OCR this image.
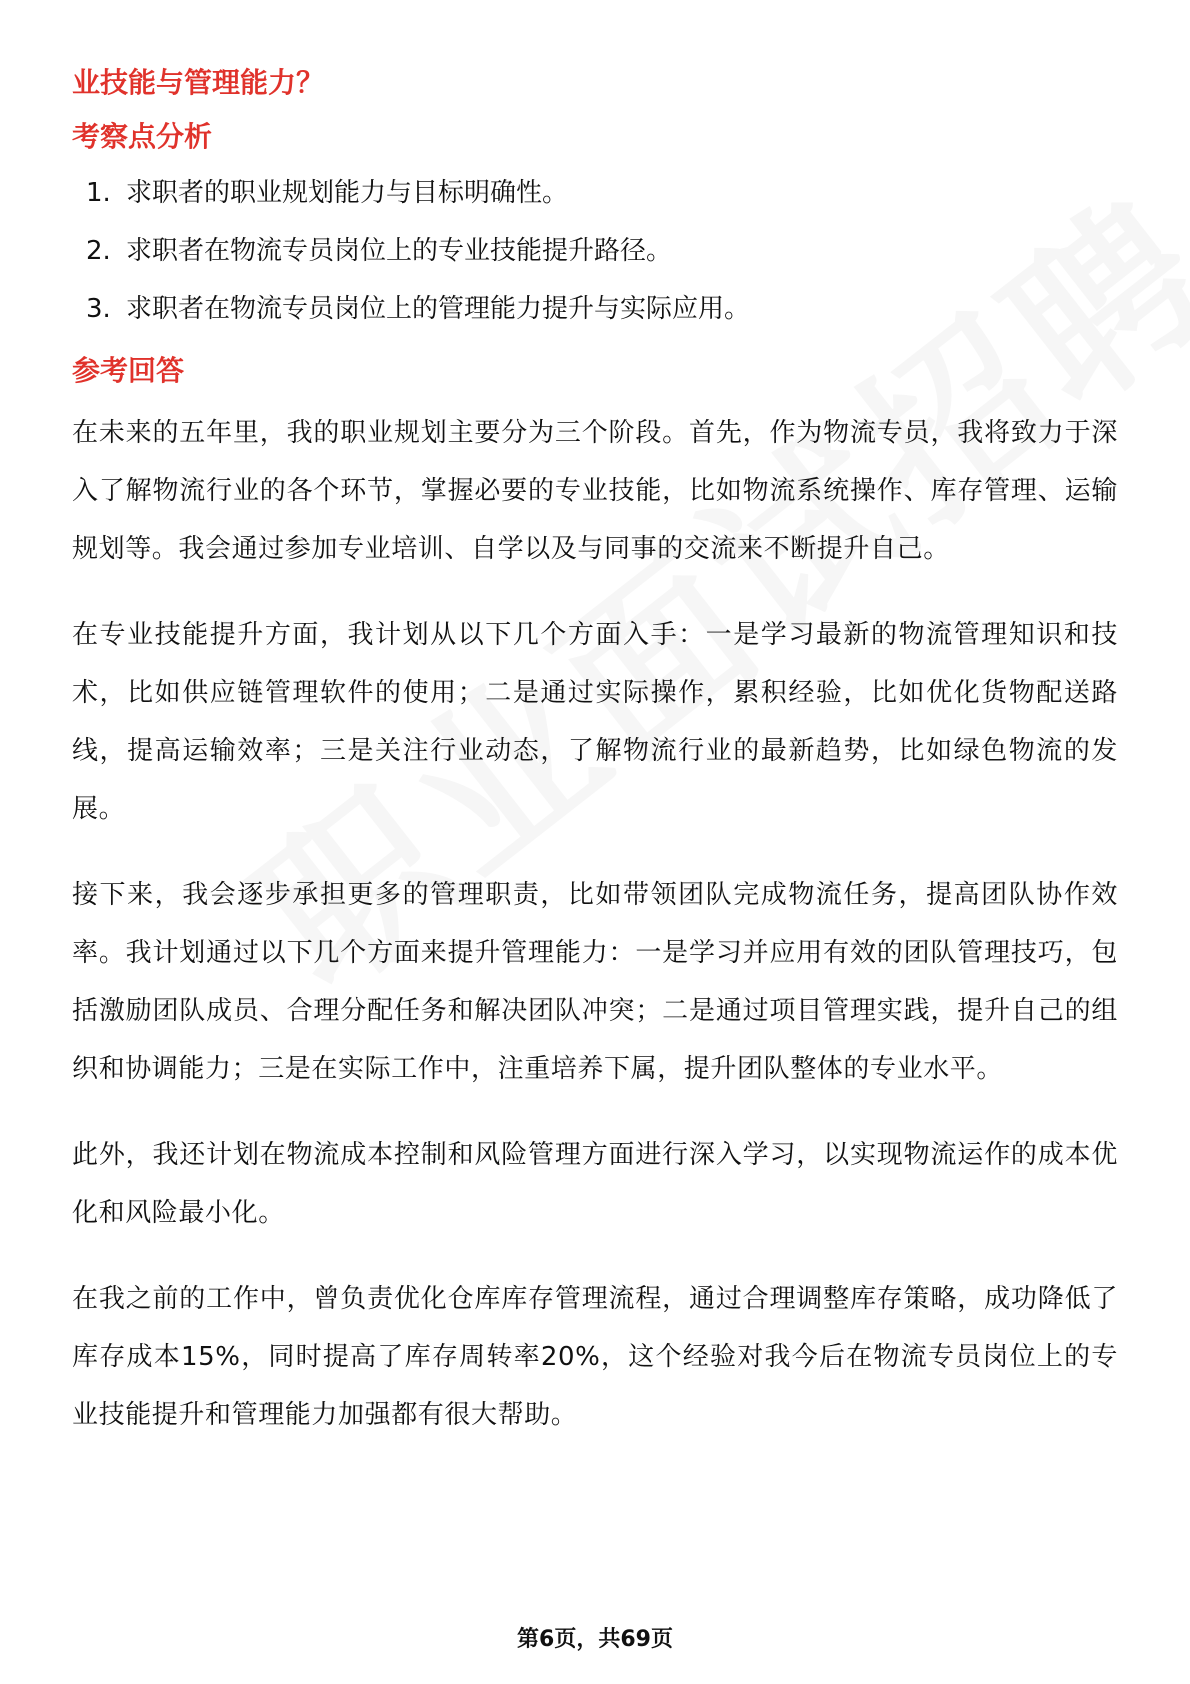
业技能与管理能力？
考察点分析
1. 求职者的职业规划能力与目标明确性。
2. 求职者在物流专员岗位上的专业技能提升路径。
3. 求职者在物流专员岗位上的管理能力提升与实际应用。
参考回答

在未来的五年里，我的职业规划主要分为三个阶段。首先，作为物流专员，我将致力于深入了解物流行业的各个环节，掌握必要的专业技能，比如物流系统操作、库存管理、运输规划等。我会通过参加专业培训、自学以及与同事的交流来不断提升自己。

在专业技能提升方面，我计划从以下几个方面入手：一是学习最新的物流管理知识和技术，比如供应链管理软件的使用；二是通过实际操作，累积经验，比如优化货物配送路线，提高运输效率；三是关注行业动态，了解物流行业的最新趋势，比如绿色物流的发展。

接下来，我会逐步承担更多的管理职责，比如带领团队完成物流任务，提高团队协作效率。我计划通过以下几个方面来提升管理能力：一是学习并应用有效的团队管理技巧，包括激励团队成员、合理分配任务和解决团队冲突；二是通过项目管理实践，提升自己的组织和协调能力；三是在实际工作中，注重培养下属，提升团队整体的专业水平。

此外，我还计划在物流成本控制和风险管理方面进行深入学习，以实现物流运作的成本优化和风险最小化。

在我之前的工作中，曾负责优化仓库库存管理流程，通过合理调整库存策略，成功降低了库存成本15%，同时提高了库存周转率20%，这个经验对我今后在物流专员岗位上的专业技能提升和管理能力加强都有很大帮助。

第6页，共69页
